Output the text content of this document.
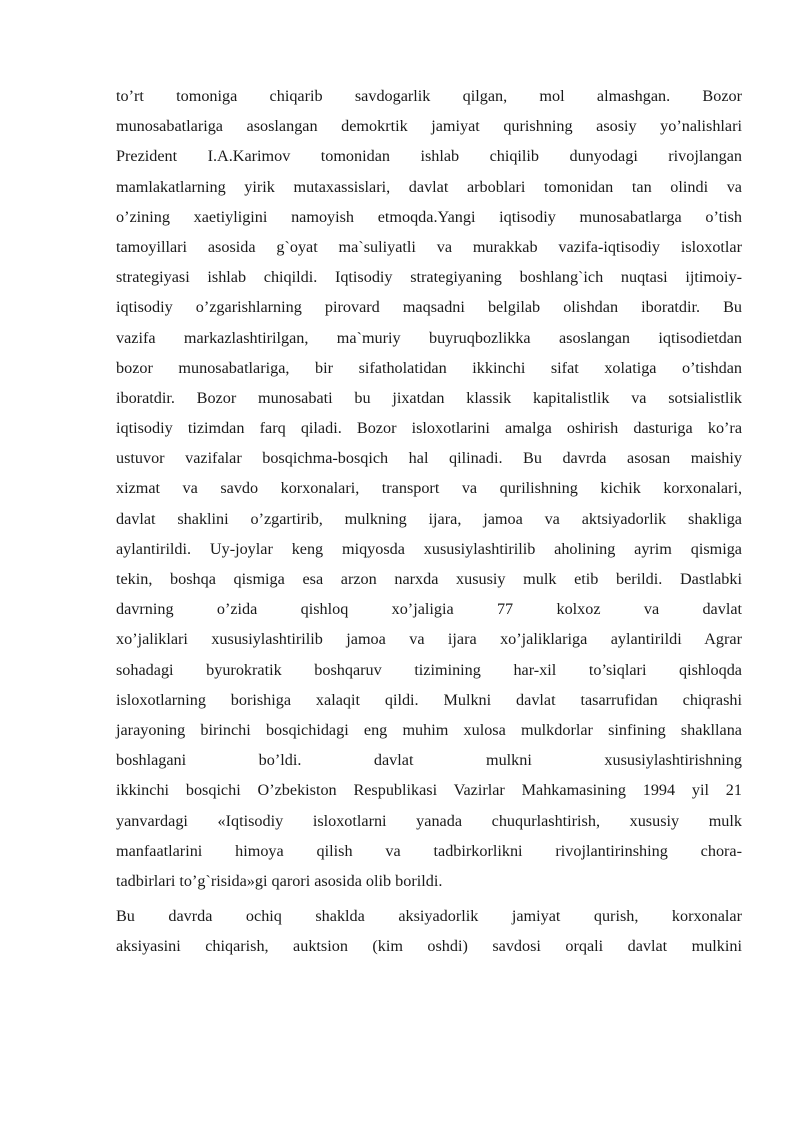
to’rt tomoniga chiqarib savdogarlik qilgan, mol almashgan. Bozor
munosabatlariga asoslangan demokrtik jamiyat qurishning asosiy yo’nalishlari
Prezident I.A.Karimov tomonidan ishlab chiqilib dunyodagi rivojlangan
mamlakatlarning yirik mutaxassislari, davlat arboblari tomonidan tan olindi va
o’zining xaetiyligini namoyish etmoqda.Yangi iqtisodiy munosabatlarga o’tish
tamoyillari asosida g`oyat ma`suliyatli va murakkab vazifa-iqtisodiy isloxotlar
strategiyasi ishlab chiqildi. Iqtisodiy strategiyaning boshlang`ich nuqtasi ijtimoiy-
iqtisodiy o’zgarishlarning pirovard maqsadni belgilab olishdan iboratdir. Bu
vazifa markazlashtirilgan, ma`muriy buyruqbozlikka asoslangan iqtisodietdan
bozor munosabatlariga, bir sifatholatidan ikkinchi sifat xolatiga o’tishdan
iboratdir. Bozor munosabati bu jixatdan klassik kapitalistlik va sotsialistlik
iqtisodiy tizimdan farq qiladi. Bozor isloxotlarini amalga oshirish dasturiga ko’ra
ustuvor vazifalar bosqichma-bosqich hal qilinadi. Bu davrda asosan maishiy
xizmat va savdo korxonalari, transport va qurilishning kichik korxonalari,
davlat shaklini o’zgartirib, mulkning ijara, jamoa va aktsiyadorlik shakliga
aylantirildi. Uy-joylar keng miqyosda xususiylashtirilib aholining ayrim qismiga
tekin, boshqa qismiga esa arzon narxda xususiy mulk etib berildi. Dastlabki
davrning o’zida qishloq xo’jaligia 77 kolxoz va davlat
xo’jaliklari xususiylashtirilib jamoa va ijara xo’jaliklariga aylantirildi Agrar
sohadagi byurokratik boshqaruv tizimining har-xil to’siqlari qishloqda
isloxotlarning borishiga xalaqit qildi. Mulkni davlat tasarrufidan chiqrashi
jarayoning birinchi bosqichidagi eng muhim xulosa mulkdorlar sinfining shakllana
boshlagani bo’ldi. davlat mulkni xususiylashtirishning
ikkinchi bosqichi O’zbekiston Respublikasi Vazirlar Mahkamasining 1994 yil 21
yanvardagi «Iqtisodiy isloxotlarni yanada chuqurlashtirish, xususiy mulk
manfaatlarini himoya qilish va tadbirkorlikni rivojlantirinshing chora-
tadbirlari to’g`risida»gi qarori asosida olib borildi.
Bu davrda ochiq shaklda aksiyadorlik jamiyat qurish, korxonalar
aksiyasini chiqarish, auktsion (kim oshdi) savdosi orqali davlat mulkini
